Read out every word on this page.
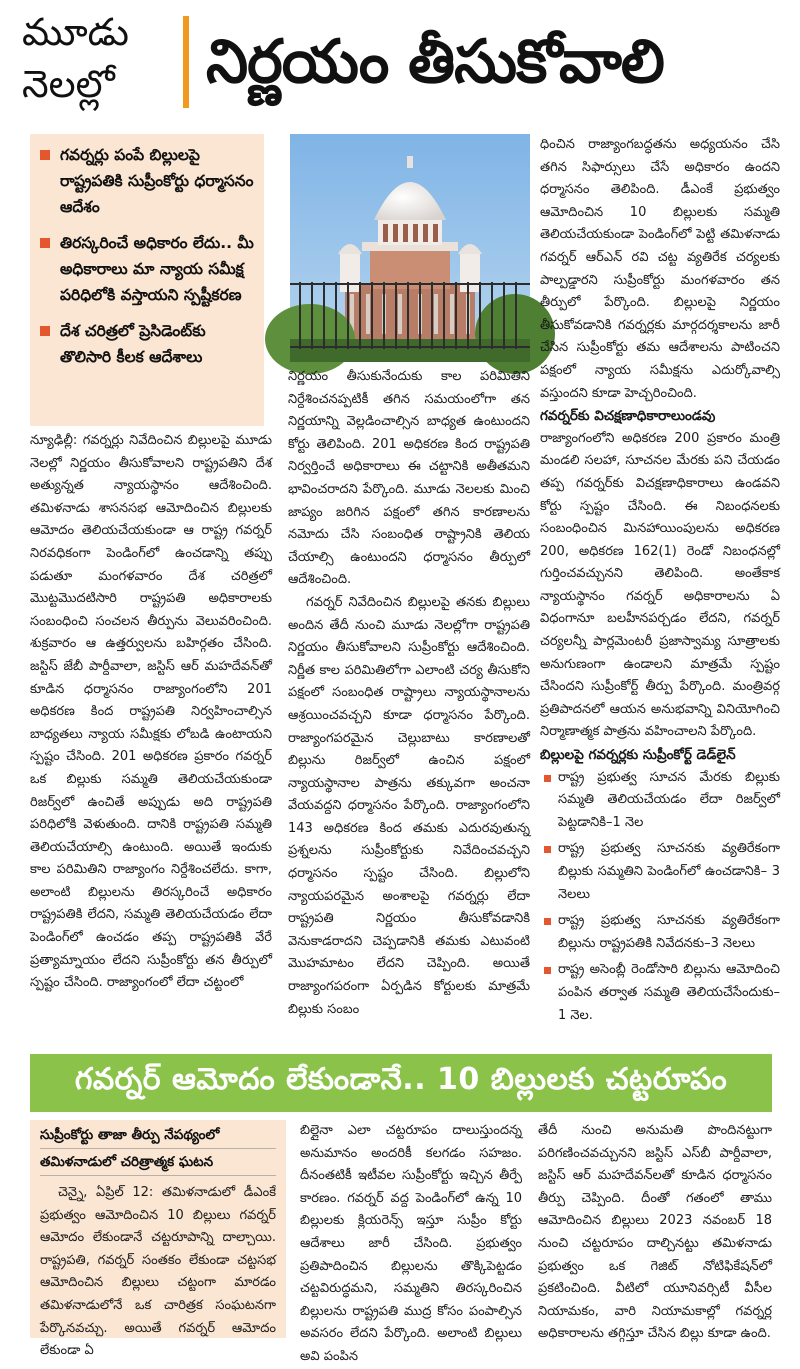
మూడు
నెలల్లో	నిర్ణయం తీసుకోవాలి
గవర్నర్లు పంపే బిల్లులపై రాష్ట్రపతికి సుప్రీంకోర్టు ధర్మాసనం ఆదేశం
తిరస్కరించే అధికారం లేదు.. మీ అధికారాలు మా న్యాయ సమీక్ష పరిధిలోకి వస్తాయని స్పష్టీకరణ
దేశ చరిత్రలో ప్రెసిడెంట్‌కు తొలిసారి కీలక ఆదేశాలు

న్యూఢిల్లీ: గవర్నర్లు నివేదించిన బిల్లులపై మూడు నెలల్లో నిర్ణయం తీసుకోవాలని రాష్ట్రపతిని దేశ అత్యున్నత న్యాయస్థానం ఆదేశించింది. తమిళనాడు శాసనసభ ఆమోదించిన బిల్లులకు ఆమోదం తెలియచేయకుండా ఆ రాష్ట్ర గవర్నర్ నిరవధికంగా పెండింగ్‌లో ఉంచడాన్ని తప్పు పడుతూ మంగళవారం దేశ చరిత్రలో మొట్టమొదటిసారి రాష్ట్రపతి అధికారాలకు సంబంధించి సంచలన తీర్పును వెలువరించింది. శుక్రవారం ఆ ఉత్తర్వులను బహిర్గతం చేసింది. జస్టిస్ జేబీ పార్దీవాలా, జస్టిస్ ఆర్ మహదేవన్‌తో కూడిన ధర్మాసనం రాజ్యాంగంలోని 201 అధికరణ కింద రాష్ట్రపతి నిర్వహించాల్సిన బాధ్యతలు న్యాయ సమీక్షకు లోబడి ఉంటాయని స్పష్టం చేసింది. 201 అధికరణ ప్రకారం గవర్నర్ ఒక బిల్లుకు సమ్మతి తెలియచేయకుండా రిజర్వ్‌లో ఉంచితే అప్పుడు అది రాష్ట్రపతి పరిధిలోకి వెళుతుంది. దానికి రాష్ట్రపతి సమ్మతి తెలియచేయాల్సి ఉంటుంది. అయితే ఇందుకు కాల పరిమితిని రాజ్యాంగం నిర్దేశించలేదు. కాగా, అలాంటి బిల్లులను తిరస్కరించే అధికారం రాష్ట్రపతికి లేదని, సమ్మతి తెలియచేయడం లేదా పెండింగ్‌లో ఉంచడం తప్ప రాష్ట్రపతికి వేరే ప్రత్యామ్నాయం లేదని సుప్రీంకోర్టు తన తీర్పులో స్పష్టం చేసింది. రాజ్యాంగంలో లేదా చట్టంలో

నిర్ణయం తీసుకునేందుకు కాల పరిమితిని నిర్దేశించనప్పటికీ తగిన సమయంలోగా తన నిర్ణయాన్ని వెల్లడించాల్సిన బాధ్యత ఉంటుందని కోర్టు తెలిపింది. 201 అధికరణ కింద రాష్ట్రపతి నిర్వర్తించే అధికారాలు ఈ చట్టానికి అతీతమని భావించరాదని పేర్కొంది. మూడు నెలలకు మించి జాప్యం జరిగిన పక్షంలో తగిన కారణాలను నమోదు చేసి సంబంధిత రాష్ట్రానికి తెలియ చేయాల్సి ఉంటుందని ధర్మాసనం తీర్పులో ఆదేశించింది.

గవర్నర్ నివేదించిన బిల్లులపై తనకు బిల్లులు అందిన తేదీ నుంచి మూడు నెలల్లోగా రాష్ట్రపతి నిర్ణయం తీసుకోవాలని సుప్రీంకోర్టు ఆదేశించింది. నిర్ణీత కాల పరిమితిలోగా ఎలాంటి చర్య తీసుకోని పక్షంలో సంబంధిత రాష్ట్రాలు న్యాయస్థానాలను ఆశ్రయించవచ్చని కూడా ధర్మాసనం పేర్కొంది. రాజ్యాంగపరమైన చెల్లుబాటు కారణాలతో బిల్లును రిజర్వ్‌లో ఉంచిన పక్షంలో న్యాయస్థానాల పాత్రను తక్కువగా అంచనా వేయవద్దని ధర్మాసనం పేర్కొంది. రాజ్యాంగంలోని 143 అధికరణ కింద తమకు ఎదురవుతున్న ప్రశ్నలను సుప్రీంకోర్టుకు నివేదించవచ్చని ధర్మాసనం స్పష్టం చేసింది. బిల్లులోని న్యాయపరమైన అంశాలపై గవర్నర్లు లేదా రాష్ట్రపతి నిర్ణయం తీసుకోవడానికి వెనుకాడరాదని చెప్పడానికి తమకు ఎటువంటి మొహమాటం లేదని చెప్పింది. అయితే రాజ్యాంగపరంగా ఏర్పడిన కోర్టులకు మాత్రమే బిల్లుకు సంబం

ధించిన రాజ్యాంగబద్ధతను అధ్యయనం చేసి తగిన సిఫార్సులు చేసే అధికారం ఉందని ధర్మాసనం తెలిపింది. డీఎంకే ప్రభుత్వం ఆమోదించిన 10 బిల్లులకు సమ్మతి తెలియచేయకుండా పెండింగ్‌లో పెట్టి తమిళనాడు గవర్నర్ ఆర్ఎన్ రవి చట్ట వ్యతిరేక చర్యలకు పాల్పడ్డారని సుప్రీంకోర్టు మంగళవారం తన తీర్పులో పేర్కొంది. బిల్లులపై నిర్ణయం తీసుకోవడానికి గవర్నర్లకు మార్గదర్శకాలను జారీ చేసిన సుప్రీంకోర్టు తమ ఆదేశాలను పాటించని పక్షంలో న్యాయ సమీక్షను ఎదుర్కోవాల్సి వస్తుందని కూడా హెచ్చరించింది.

గవర్నర్‌కు విచక్షణాధికారాలుండవు

రాజ్యాంగంలోని అధికరణ 200 ప్రకారం మంత్రి మండలి సలహా, సూచనల మేరకు పని చేయడం తప్ప గవర్నర్‌కు విచక్షణాధికారాలు ఉండవని కోర్టు స్పష్టం చేసింది. ఈ నిబంధనలకు సంబంధించిన మినహాయింపులను అధికరణ 200, అధికరణ 162(1) రెండో నిబంధనల్లో గుర్తించవచ్చునని తెలిపింది. అంతేకాక న్యాయస్థానం గవర్నర్ అధికారాలను ఏ విధంగానూ బలహీనపర్చడం లేదని, గవర్నర్ చర్యలన్నీ పార్లమెంటరీ ప్రజాస్వామ్య సూత్రాలకు అనుగుణంగా ఉండాలని మాత్రమే స్పష్టం చేసిందని సుప్రీంకోర్ట్ తీర్పు పేర్కొంది. మంత్రివర్గ ప్రతిపాదనలో ఆయన అనుభవాన్ని వినియోగించి నిర్మాణాత్మక పాత్రను వహించాలని పేర్కొంది.

బిల్లులపై గవర్నర్లకు సుప్రీంకోర్ట్ డెడ్‌లైన్
రాష్ట్ర ప్రభుత్వ సూచన మేరకు బిల్లుకు సమ్మతి తెలియచేయడం లేదా రిజర్వ్‌లో పెట్టడానికి–1 నెల
రాష్ట్ర ప్రభుత్వ సూచనకు వ్యతిరేకంగా బిల్లుకు సమ్మతిని పెండింగ్‌లో ఉంచడానికి– 3 నెలలు
రాష్ట్ర ప్రభుత్వ సూచనకు వ్యతిరేకంగా బిల్లును రాష్ట్రపతికి నివేదనకు–3 నెలలు
రాష్ట్ర అసెంబ్లీ రెండోసారి బిల్లును ఆమోదించి పంపిన తర్వాత సమ్మతి తెలియచేసేందుకు–1 నెల.
గవర్నర్ ఆమోదం లేకుండానే.. 10 బిల్లులకు చట్టరూపం
సుప్రీంకోర్టు తాజా తీర్పు నేపథ్యంలో
తమిళనాడులో చరిత్రాత్మక ఘటన

చెన్నై, ఏప్రిల్ 12: తమిళనాడులో డీఎంకే ప్రభుత్వం ఆమోదించిన 10 బిల్లులు గవర్నర్ ఆమోదం లేకుండానే చట్టరూపాన్ని దాల్చాయి. రాష్ట్రపతి, గవర్నర్ సంతకం లేకుండా చట్టసభ ఆమోదించిన బిల్లులు చట్టంగా మారడం తమిళనాడులోనే ఒక చారిత్రక సంఘటనగా పేర్కొనవచ్చు. అయితే గవర్నర్ ఆమోదం లేకుండా ఏ

బిల్లైనా ఎలా చట్టరూపం దాలుస్తుందన్న అనుమానం అందరికీ కలగడం సహజం. దీనంతటికీ ఇటీవల సుప్రీంకోర్టు ఇచ్చిన తీర్పే కారణం. గవర్నర్ వద్ద పెండింగ్‌లో ఉన్న 10 బిల్లులకు క్లియరెన్స్ ఇస్తూ సుప్రీం కోర్టు ఆదేశాలు జారీ చేసింది. ప్రభుత్వం ప్రతిపాదించిన బిల్లులను తొక్కిపెట్టడం చట్టవిరుద్ధమని, సమ్మతిని తిరస్కరించిన బిల్లులను రాష్ట్రపతి ముద్ర కోసం పంపాల్సిన అవసరం లేదని పేర్కొంది. అలాంటి బిల్లులు అవి పంపిన

తేదీ నుంచి అనుమతి పొందినట్టుగా పరిగణించవచ్చునని జస్టిస్ ఎస్‌బీ పార్దీవాలా, జస్టిస్ ఆర్ మహదేవన్‌లతో కూడిన ధర్మాసనం తీర్పు చెప్పింది. దీంతో గతంలో తాము ఆమోదించిన బిల్లులు 2023 నవంబర్ 18 నుంచి చట్టరూపం దాల్చినట్టు తమిళనాడు ప్రభుత్వం ఒక గెజిట్ నోటిఫికేషన్‌లో ప్రకటించింది. వీటిలో యూనివర్సిటీ వీసీల నియామకం, వారి నియామకాల్లో గవర్నర్ల అధికారాలను తగ్గిస్తూ చేసిన బిల్లు కూడా ఉంది.
